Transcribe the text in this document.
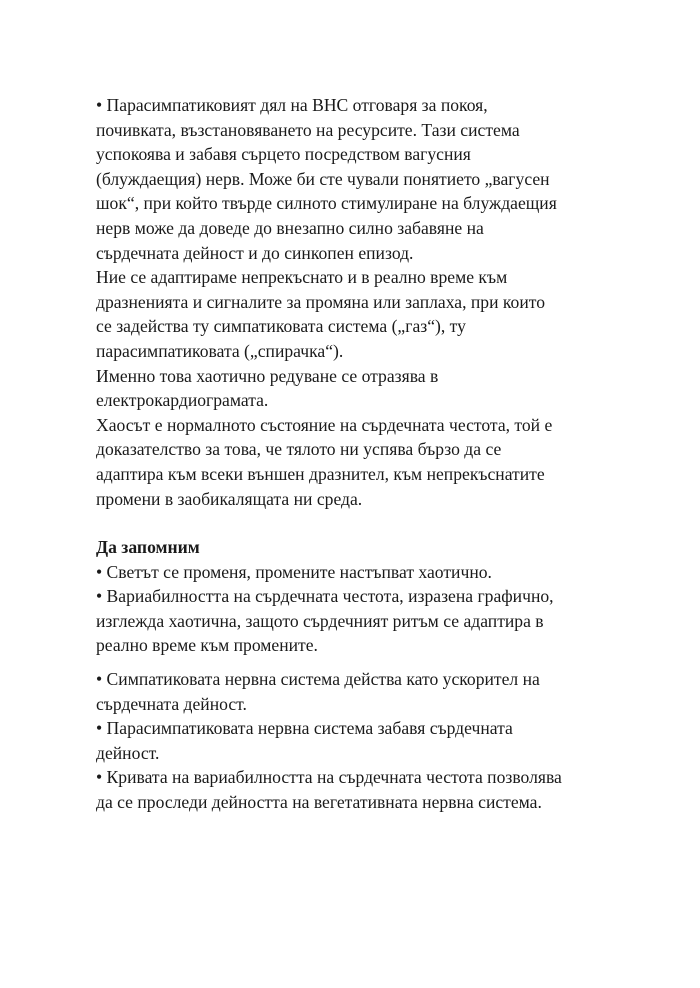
• Парасимпатиковият дял на ВНС отговаря за покоя,
почивката, възстановяването на ресурсите. Тази система
успокоява и забавя сърцето посредством вагусния
(блуждаещия) нерв. Може би сте чували понятието „вагусен
шок“, при който твърде силното стимулиране на блуждаещия
нерв може да доведе до внезапно силно забавяне на
сърдечната дейност и до синкопен епизод.
Ние се адаптираме непрекъснато и в реално време към
дразненията и сигналите за промяна или заплаха, при които
се задейства ту симпатиковата система („газ“), ту
парасимпатиковата („спирачка“).
Именно това хаотично редуване се отразява в
електрокардиограмата.
Хаосът е нормалното състояние на сърдечната честота, той е
доказателство за това, че тялото ни успява бързо да се
адаптира към всеки външен дразнител, към непрекъснатите
промени в заобикалящата ни среда.
Да запомним
• Светът се променя, промените настъпват хаотично.
• Вариабилността на сърдечната честота, изразена графично,
изглежда хаотична, защото сърдечният ритъм се адаптира в
реално време към промените.
• Симпатиковата нервна система действа като ускорител на
сърдечната дейност.
• Парасимпатиковата нервна система забавя сърдечната
дейност.
• Кривата на вариабилността на сърдечната честота позволява
да се проследи дейността на вегетативната нервна система.
